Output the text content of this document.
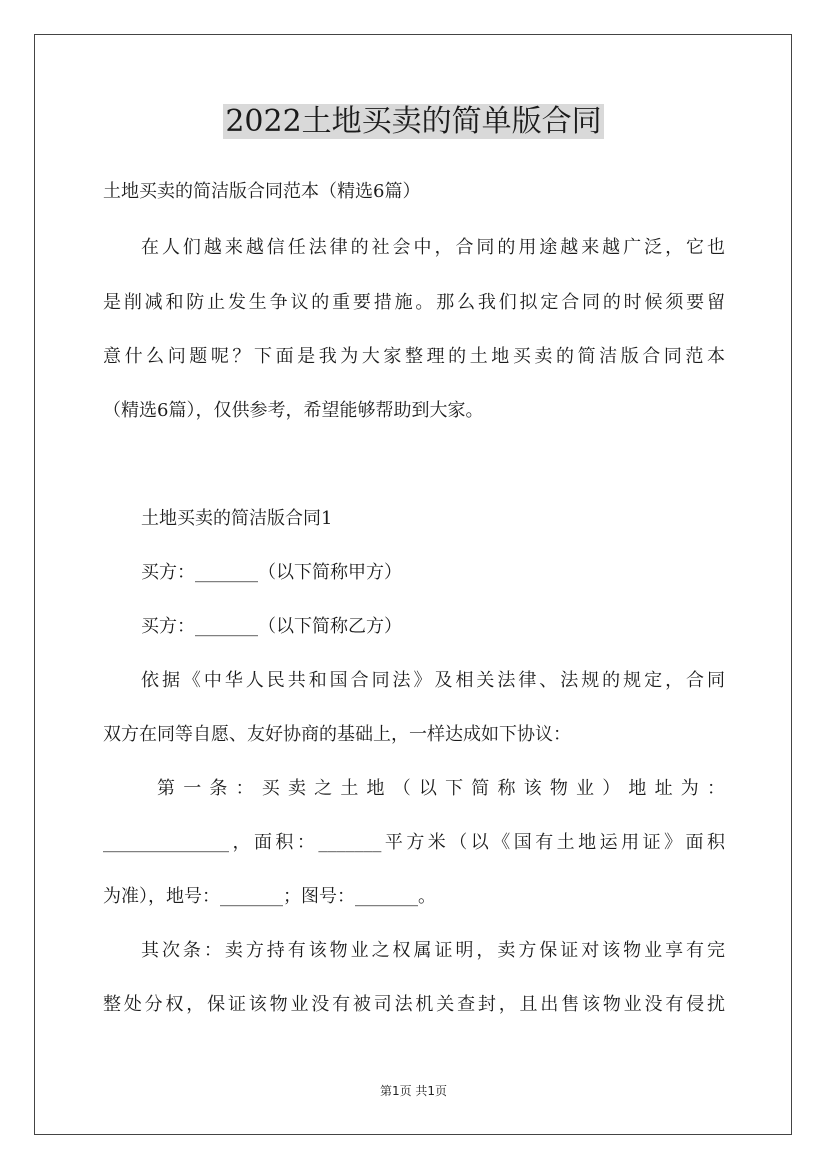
2022土地买卖的简单版合同
土地买卖的简洁版合同范本（精选6篇）
在人们越来越信任法律的社会中，合同的用途越来越广泛，它也
是削减和防止发生争议的重要措施。那么我们拟定合同的时候须要留
意什么问题呢？下面是我为大家整理的土地买卖的简洁版合同范本
（精选6篇），仅供参考，希望能够帮助到大家。
土地买卖的简洁版合同1
买方：_______（以下简称甲方）
买方：_______（以下简称乙方）
依据《中华人民共和国合同法》及相关法律、法规的规定，合同
双方在同等自愿、友好协商的基础上，一样达成如下协议：
第一条：买卖之土地（以下简称该物业）地址为：
______________，面积：_______平方米（以《国有土地运用证》面积
为准），地号：_______；图号：_______。
其次条：卖方持有该物业之权属证明，卖方保证对该物业享有完
整处分权，保证该物业没有被司法机关查封，且出售该物业没有侵扰
第1页 共1页
